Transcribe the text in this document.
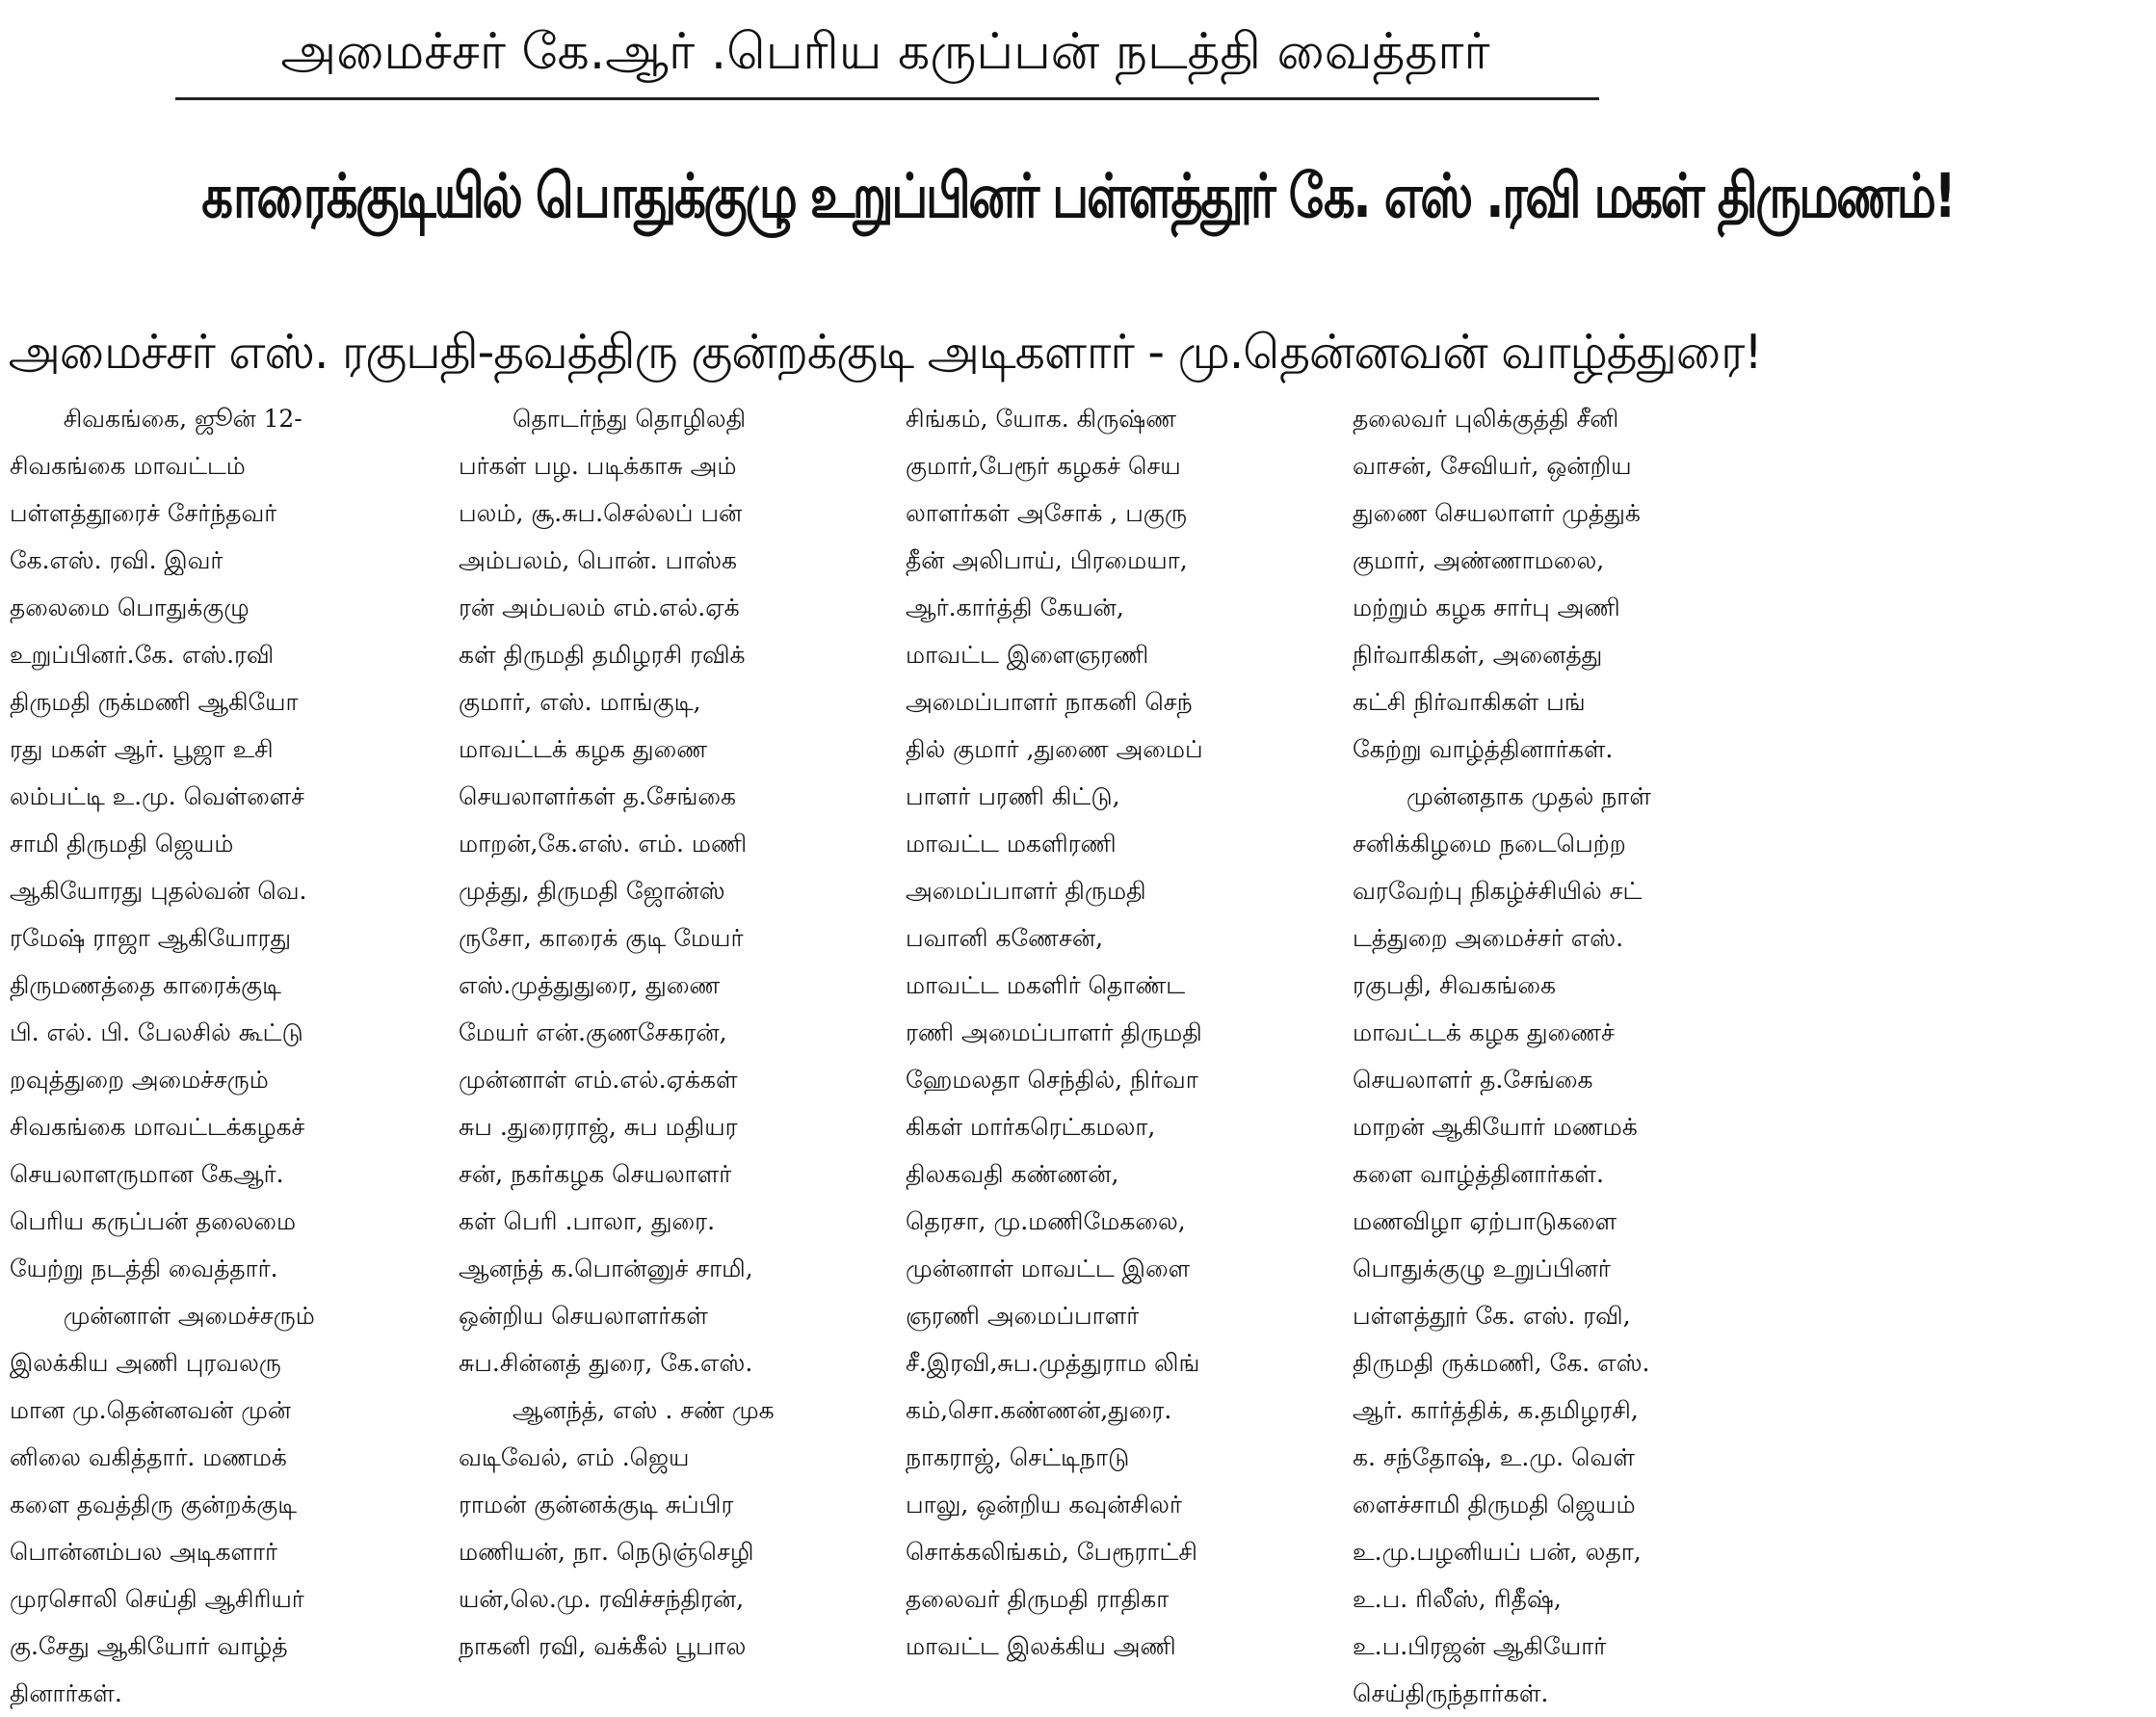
அமைச்சர் கே.ஆர் .பெரிய கருப்பன் நடத்தி வைத்தார்
காரைக்குடியில் பொதுக்குழு உறுப்பினர் பள்ளத்தூர் கே. எஸ் .ரவி மகள் திருமணம்!
அமைச்சர் எஸ். ரகுபதி-தவத்திரு குன்றக்குடி அடிகளார் - மு.தென்னவன் வாழ்த்துரை!
சிவகங்கை, ஜூன் 12-
சிவகங்கை மாவட்டம்
பள்ளத்தூரைச் சேர்ந்தவர்
கே.எஸ். ரவி. இவர்
தலைமை பொதுக்குழு
உறுப்பினர்.கே. எஸ்.ரவி
திருமதி ருக்மணி ஆகியோ
ரது மகள் ஆர். பூஜா உசி
லம்பட்டி உ.மு. வெள்ளைச்
சாமி திருமதி ஜெயம்
ஆகியோரது புதல்வன் வெ.
ரமேஷ் ராஜா ஆகியோரது
திருமணத்தை காரைக்குடி
பி. எல். பி. பேலசில் கூட்டு
றவுத்துறை அமைச்சரும்
சிவகங்கை மாவட்டக்கழகச்
செயலாளருமான கேஆர்.
பெரிய கருப்பன் தலைமை
யேற்று நடத்தி வைத்தார்.
முன்னாள் அமைச்சரும்
இலக்கிய அணி புரவலரு
மான மு.தென்னவன் முன்
னிலை வகித்தார். மணமக்
களை தவத்திரு குன்றக்குடி
பொன்னம்பல அடிகளார்
முரசொலி செய்தி ஆசிரியர்
கு.சேது ஆகியோர் வாழ்த்
தினார்கள்.
தொடர்ந்து தொழிலதி
பர்கள் பழ. படிக்காசு அம்
பலம், சூ.சுப.செல்லப் பன்
அம்பலம், பொன். பாஸ்க
ரன் அம்பலம் எம்.எல்.ஏக்
கள் திருமதி தமிழரசி ரவிக்
குமார், எஸ். மாங்குடி,
மாவட்டக் கழக துணை
செயலாளர்கள் த.சேங்கை
மாறன்,கே.எஸ். எம். மணி
முத்து, திருமதி ஜோன்ஸ்
ருசோ, காரைக் குடி மேயர்
எஸ்.முத்துதுரை, துணை
மேயர் என்.குணசேகரன்,
முன்னாள் எம்.எல்.ஏக்கள்
சுப .துரைராஜ், சுப மதியர
சன், நகர்கழக செயலாளர்
கள் பெரி .பாலா, துரை.
ஆனந்த் க.பொன்னுச் சாமி,
ஒன்றிய செயலாளர்கள்
சுப.சின்னத் துரை, கே.எஸ்.
ஆனந்த், எஸ் . சண் முக
வடிவேல், எம் .ஜெய
ராமன் குன்னக்குடி சுப்பிர
மணியன், நா. நெடுஞ்செழி
யன்,லெ.மு. ரவிச்சந்திரன்,
நாகனி ரவி, வக்கீல் பூபால
சிங்கம், யோக. கிருஷ்ண
குமார்,பேரூர் கழகச் செய
லாளர்கள் அசோக் , பகுரு
தீன் அலிபாய், பிரமையா,
ஆர்.கார்த்தி கேயன்,
மாவட்ட இளைஞரணி
அமைப்பாளர் நாகனி செந்
தில் குமார் ,துணை அமைப்
பாளர் பரணி கிட்டு,
மாவட்ட மகளிரணி
அமைப்பாளர் திருமதி
பவானி கணேசன்,
மாவட்ட மகளிர் தொண்ட
ரணி அமைப்பாளர் திருமதி
ஹேமலதா செந்தில், நிர்வா
கிகள் மார்கரெட்கமலா,
திலகவதி கண்ணன்,
தெரசா, மு.மணிமேகலை,
முன்னாள் மாவட்ட இளை
ஞரணி அமைப்பாளர்
சீ.இரவி,சுப.முத்துராம லிங்
கம்,சொ.கண்ணன்,துரை.
நாகராஜ், செட்டிநாடு
பாலு, ஒன்றிய கவுன்சிலர்
சொக்கலிங்கம், பேரூராட்சி
தலைவர் திருமதி ராதிகா
மாவட்ட இலக்கிய அணி
தலைவர் புலிக்குத்தி சீனி
வாசன், சேவியர், ஒன்றிய
துணை செயலாளர் முத்துக்
குமார், அண்ணாமலை,
மற்றும் கழக சார்பு அணி
நிர்வாகிகள், அனைத்து
கட்சி நிர்வாகிகள் பங்
கேற்று வாழ்த்தினார்கள்.
முன்னதாக முதல் நாள்
சனிக்கிழமை நடைபெற்ற
வரவேற்பு நிகழ்ச்சியில் சட்
டத்துறை அமைச்சர் எஸ்.
ரகுபதி, சிவகங்கை
மாவட்டக் கழக துணைச்
செயலாளர் த.சேங்கை
மாறன் ஆகியோர் மணமக்
களை வாழ்த்தினார்கள்.
மணவிழா ஏற்பாடுகளை
பொதுக்குழு உறுப்பினர்
பள்ளத்தூர் கே. எஸ். ரவி,
திருமதி ருக்மணி, கே. எஸ்.
ஆர். கார்த்திக், க.தமிழரசி,
க. சந்தோஷ், உ.மு. வெள்
ளைச்சாமி திருமதி ஜெயம்
உ.மு.பழனியப் பன், லதா,
உ.ப. ரிலீஸ், ரிதீஷ்,
உ.ப.பிரஜன் ஆகியோர்
செய்திருந்தார்கள்.
